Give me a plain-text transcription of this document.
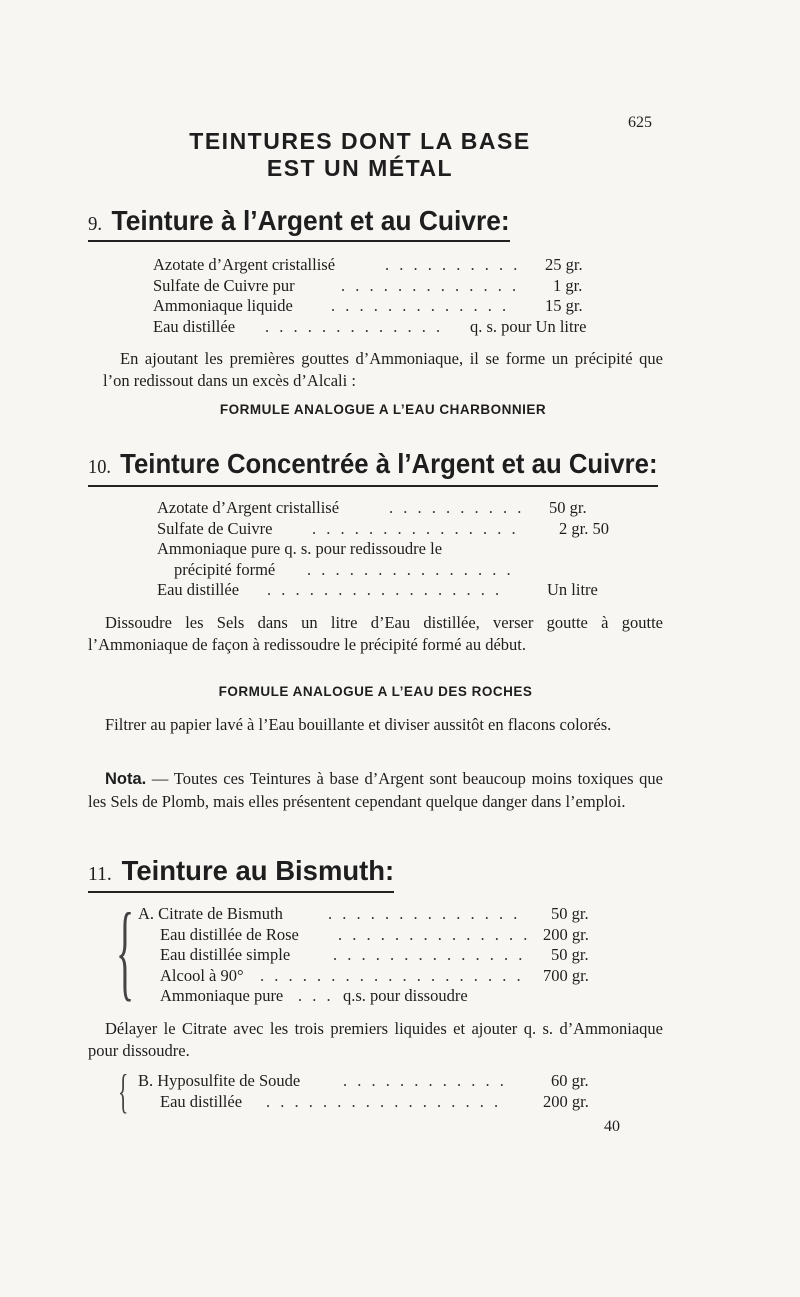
625
TEINTURES DONT LA BASE
EST UN MÉTAL
9. Teinture à l’Argent et au Cuivre:
Azotate d’Argent cristallisé	. . . . . . . . . . 25 gr.
Sulfate de Cuivre pur	. . . . . . . . . . . . . 1 gr.
Ammoniaque liquide . . . . . . . . . . . . . 15 gr.
Eau distillée . . . . . . . . . . . . . q. s. pour Un litre
En ajoutant les premières gouttes d’Ammoniaque, il se forme un précipité que l’on redissout dans un excès d’Alcali :
FORMULE ANALOGUE A L’EAU CHARBONNIER
10. Teinture Concentrée à l’Argent et au Cuivre:
Azotate d’Argent cristallisé	. . . . . . . . . . 50 gr.
Sulfate de Cuivre . . . . . . . . . . . . . . . 2 gr. 50
Ammoniaque pure q. s. pour redissoudre le
précipité formé . . . . . . . . . . . . . . .
Eau distillée . . . . . . . . . . . . . . . . .	Un litre
Dissoudre les Sels dans un litre d’Eau distillée, verser goutte à goutte l’Ammoniaque de façon à redissoudre le précipité formé au début.
FORMULE ANALOGUE A L’EAU DES ROCHES
Filtrer au papier lavé à l’Eau bouillante et diviser aussitôt en flacons colorés.
Nota. — Toutes ces Teintures à base d’Argent sont beaucoup moins toxiques que les Sels de Plomb, mais elles présentent cependant quelque danger dans l’emploi.
11. Teinture au Bismuth:
{ A. Citrate de Bismuth	. . . . . . . . . . . . . . 50 gr.
Eau distillée de Rose . . . . . . . . . . . . . . 200 gr.
Eau distillée simple	. . . . . . . . . . . . . . 50 gr.
Alcool à 90° . . . . . . . . . . . . . . . . . . . 700 gr.
Ammoniaque pure . . . q.s. pour dissoudre
Délayer le Citrate avec les trois premiers liquides et ajouter q. s. d’Ammoniaque pour dissoudre.
{ B. Hyposulfite de Soude	. . . . . . . . . . . .	60 gr.
Eau distillée . . . . . . . . . . . . . . . . .	200 gr.
40
